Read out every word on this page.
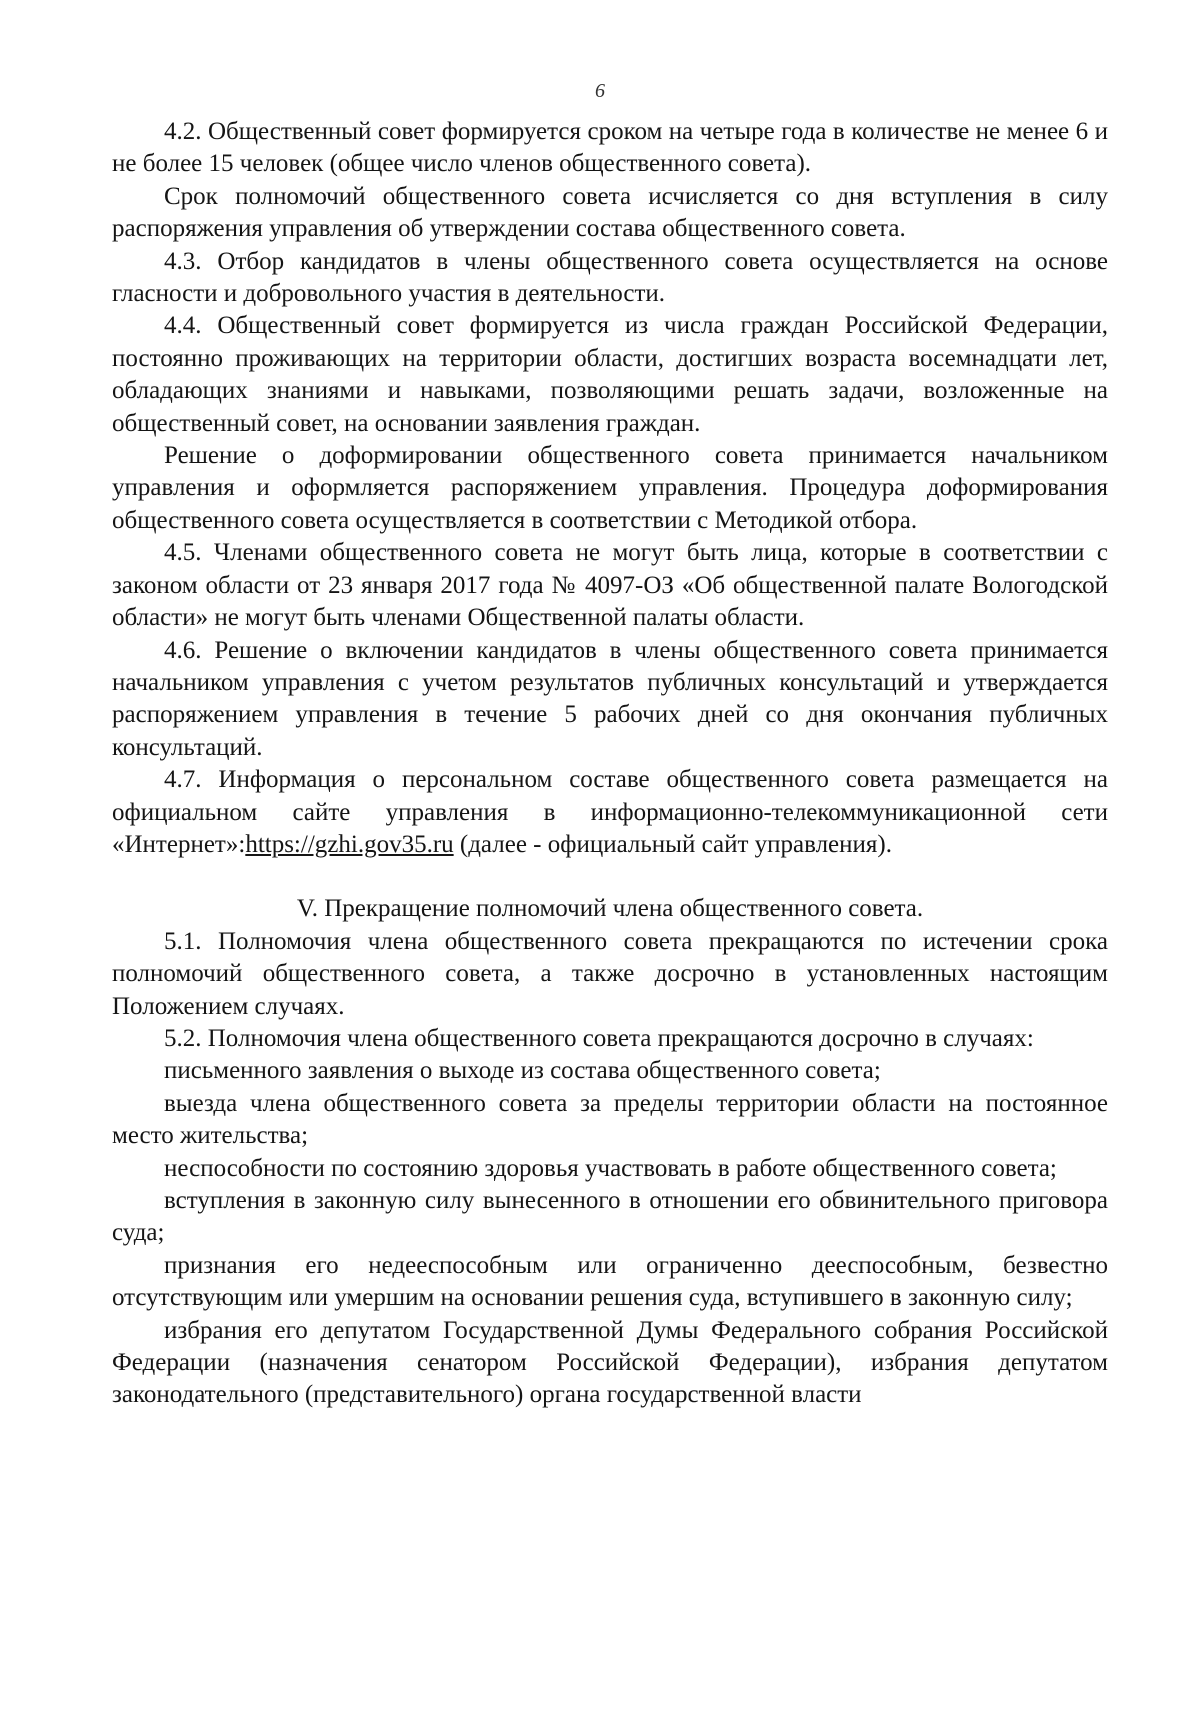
6

4.2. Общественный совет формируется сроком на четыре года в количестве не менее 6 и не более 15 человек (общее число членов общественного совета).

Срок полномочий общественного совета исчисляется со дня вступления в силу распоряжения управления об утверждении состава общественного совета.

4.3. Отбор кандидатов в члены общественного совета осуществляется на основе гласности и добровольного участия в деятельности.

4.4. Общественный совет формируется из числа граждан Российской Федерации, постоянно проживающих на территории области, достигших возраста восемнадцати лет, обладающих знаниями и навыками, позволяющими решать задачи, возложенные на общественный совет, на основании заявления граждан.

Решение о доформировании общественного совета принимается начальником управления и оформляется распоряжением управления. Процедура доформирования общественного совета осуществляется в соответствии с Методикой отбора.

4.5. Членами общественного совета не могут быть лица, которые в соответствии с законом области от 23 января 2017 года № 4097-ОЗ «Об общественной палате Вологодской области» не могут быть членами Общественной палаты области.

4.6. Решение о включении кандидатов в члены общественного совета принимается начальником управления с учетом результатов публичных консультаций и утверждается распоряжением управления в течение 5 рабочих дней со дня окончания публичных консультаций.

4.7. Информация о персональном составе общественного совета размещается на официальном сайте управления в информационно-телекоммуникационной сети «Интернет»:https://gzhi.gov35.ru (далее - официальный сайт управления).

V. Прекращение полномочий члена общественного совета.

5.1. Полномочия члена общественного совета прекращаются по истечении срока полномочий общественного совета, а также досрочно в установленных настоящим Положением случаях.

5.2. Полномочия члена общественного совета прекращаются досрочно в случаях:

письменного заявления о выходе из состава общественного совета;

выезда члена общественного совета за пределы территории области на постоянное место жительства;

неспособности по состоянию здоровья участвовать в работе общественного совета;

вступления в законную силу вынесенного в отношении его обвинительного приговора суда;

признания его недееспособным или ограниченно дееспособным, безвестно отсутствующим или умершим на основании решения суда, вступившего в законную силу;

избрания его депутатом Государственной Думы Федерального собрания Российской Федерации (назначения сенатором Российской Федерации), избрания депутатом законодательного (представительного) органа государственной власти
